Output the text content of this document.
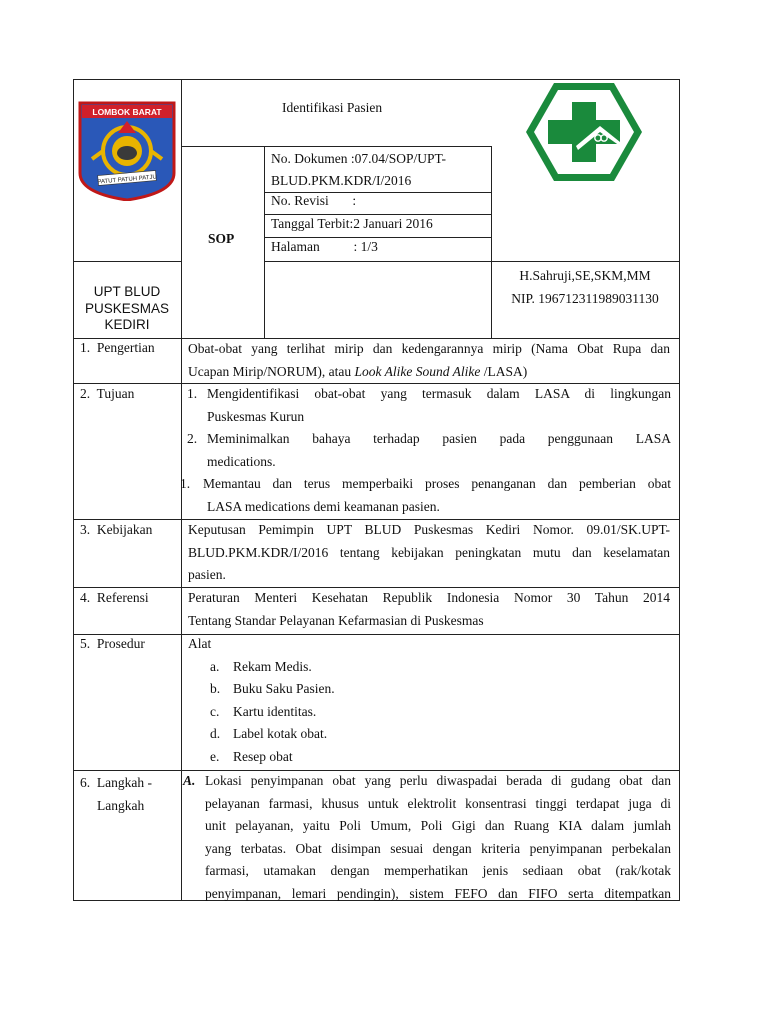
LOMBOK BARAT
PATUT PATUH PATJU
Identifikasi Pasien
SOP
No. Dokumen :07.04/SOP/UPT-
BLUD.PKM.KDR/I/2016
No. Revisi       :
Tanggal Terbit:2 Januari 2016
Halaman          : 1/3
UPT BLUD
PUSKESMAS
KEDIRI
H.Sahruji,SE,SKM,MM
NIP. 196712311989031130
1.  Pengertian Obat-obat yang terlihat mirip dan kedengarannya mirip (Nama Obat Rupa dan
Ucapan Mirip/NORUM), atau Look Alike Sound Alike /LASA)
2.  Tujuan	1. Mengidentifikasi obat-obat yang termasuk dalam LASA di lingkungan
Puskesmas Kurun
2. Meminimalkan bahaya terhadap pasien pada penggunaan LASA
medications.
1. Memantau dan terus memperbaiki proses penanganan dan pemberian obat
LASA medications demi keamanan pasien.
3.  Kebijakan	Keputusan Pemimpin UPT BLUD Puskesmas Kediri Nomor. 09.01/SK.UPT-
BLUD.PKM.KDR/I/2016 tentang kebijakan peningkatan mutu dan keselamatan
pasien.
4.  Referensi	Peraturan Menteri Kesehatan Republik Indonesia Nomor 30 Tahun 2014
Tentang Standar Pelayanan Kefarmasian di Puskesmas
5.  Prosedur	Alat
a. Rekam Medis.
b. Buku Saku Pasien.
c. Kartu identitas.
d. Label kotak obat.
e. Resep obat
6.  Langkah -
Langkah
A. Lokasi penyimpanan obat yang perlu diwaspadai berada di gudang obat dan
pelayanan farmasi, khusus untuk elektrolit konsentrasi tinggi terdapat juga di
unit pelayanan, yaitu Poli Umum, Poli Gigi dan Ruang KIA dalam jumlah
yang terbatas. Obat disimpan sesuai dengan kriteria penyimpanan perbekalan
farmasi, utamakan dengan memperhatikan jenis sediaan obat (rak/kotak
penyimpanan, lemari pendingin), sistem FEFO dan FIFO serta ditempatkan
